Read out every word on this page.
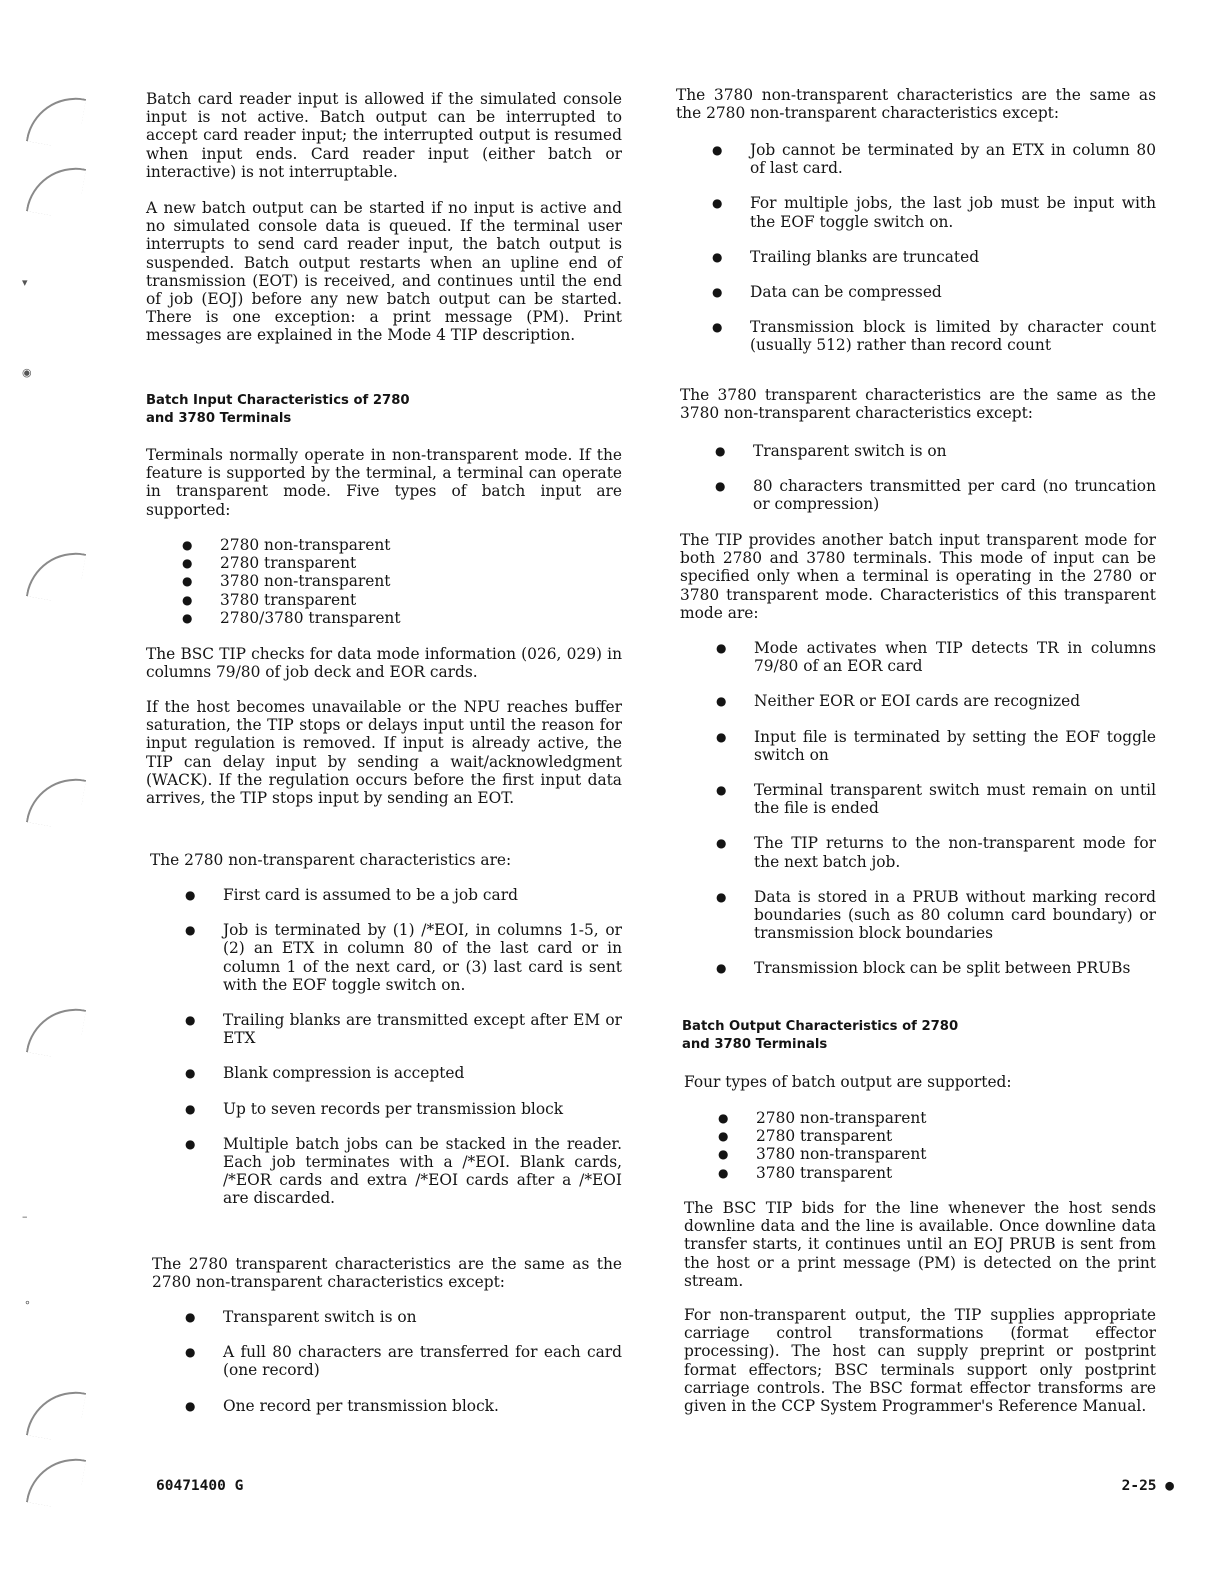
▾
◉
–
∘

Batch card reader input is allowed if the simulated console input is not active. Batch output can be interrupted to accept card reader input; the interrupted output is resumed when input ends. Card reader input (either batch or interactive) is not interruptable.

A new batch output can be started if no input is active and no simulated console data is queued. If the terminal user interrupts to send card reader input, the batch output is suspended. Batch output restarts when an upline end of transmission (EOT) is received, and continues until the end of job (EOJ) before any new batch output can be started. There is one exception: a print message (PM). Print messages are explained in the Mode 4 TIP description.

Batch Input Characteristics of 2780
and 3780 Terminals

Terminals normally operate in non-transparent mode. If the feature is supported by the terminal, a terminal can operate in transparent mode. Five types of batch input are supported:

● 2780 non-transparent
● 2780 transparent
● 3780 non-transparent
● 3780 transparent
● 2780/3780 transparent

The BSC TIP checks for data mode information (026, 029) in columns 79/80 of job deck and EOR cards.

If the host becomes unavailable or the NPU reaches buffer saturation, the TIP stops or delays input until the reason for input regulation is removed. If input is already active, the TIP can delay input by sending a wait/acknowledgment (WACK). If the regulation occurs before the first input data arrives, the TIP stops input by sending an EOT.

The 2780 non-transparent characteristics are:

● First card is assumed to be a job card
● Job is terminated by (1) /*EOI, in columns 1-5, or (2) an ETX in column 80 of the last card or in column 1 of the next card, or (3) last card is sent with the EOF toggle switch on.
● Trailing blanks are transmitted except after EM or ETX
● Blank compression is accepted
● Up to seven records per transmission block
● Multiple batch jobs can be stacked in the reader. Each job terminates with a /*EOI. Blank cards, /*EOR cards and extra /*EOI cards after a /*EOI are discarded.

The 2780 transparent characteristics are the same as the 2780 non-transparent characteristics except:

● Transparent switch is on
● A full 80 characters are transferred for each card (one record)
● One record per transmission block.

The 3780 non-transparent characteristics are the same as the 2780 non-transparent characteristics except:

● Job cannot be terminated by an ETX in column 80 of last card.
● For multiple jobs, the last job must be input with the EOF toggle switch on.
● Trailing blanks are truncated
● Data can be compressed
● Transmission block is limited by character count (usually 512) rather than record count

The 3780 transparent characteristics are the same as the 3780 non-transparent characteristics except:

● Transparent switch is on
● 80 characters transmitted per card (no truncation or compression)

The TIP provides another batch input transparent mode for both 2780 and 3780 terminals. This mode of input can be specified only when a terminal is operating in the 2780 or 3780 transparent mode. Characteristics of this transparent mode are:

● Mode activates when TIP detects TR in columns 79/80 of an EOR card
● Neither EOR or EOI cards are recognized
● Input file is terminated by setting the EOF toggle switch on
● Terminal transparent switch must remain on until the file is ended
● The TIP returns to the non-transparent mode for the next batch job.
● Data is stored in a PRUB without marking record boundaries (such as 80 column card boundary) or transmission block boundaries
● Transmission block can be split between PRUBs
Batch Output Characteristics of 2780
and 3780 Terminals

Four types of batch output are supported:

● 2780 non-transparent
● 2780 transparent
● 3780 non-transparent
● 3780 transparent

The BSC TIP bids for the line whenever the host sends downline data and the line is available. Once downline data transfer starts, it continues until an EOJ PRUB is sent from the host or a print message (PM) is detected on the print stream.

For non-transparent output, the TIP supplies appropriate carriage control transformations (format effector processing). The host can supply preprint or postprint format effectors; BSC terminals support only postprint carriage controls. The BSC format effector transforms are given in the CCP System Programmer's Reference Manual.

60471400 G	2-25 ●
